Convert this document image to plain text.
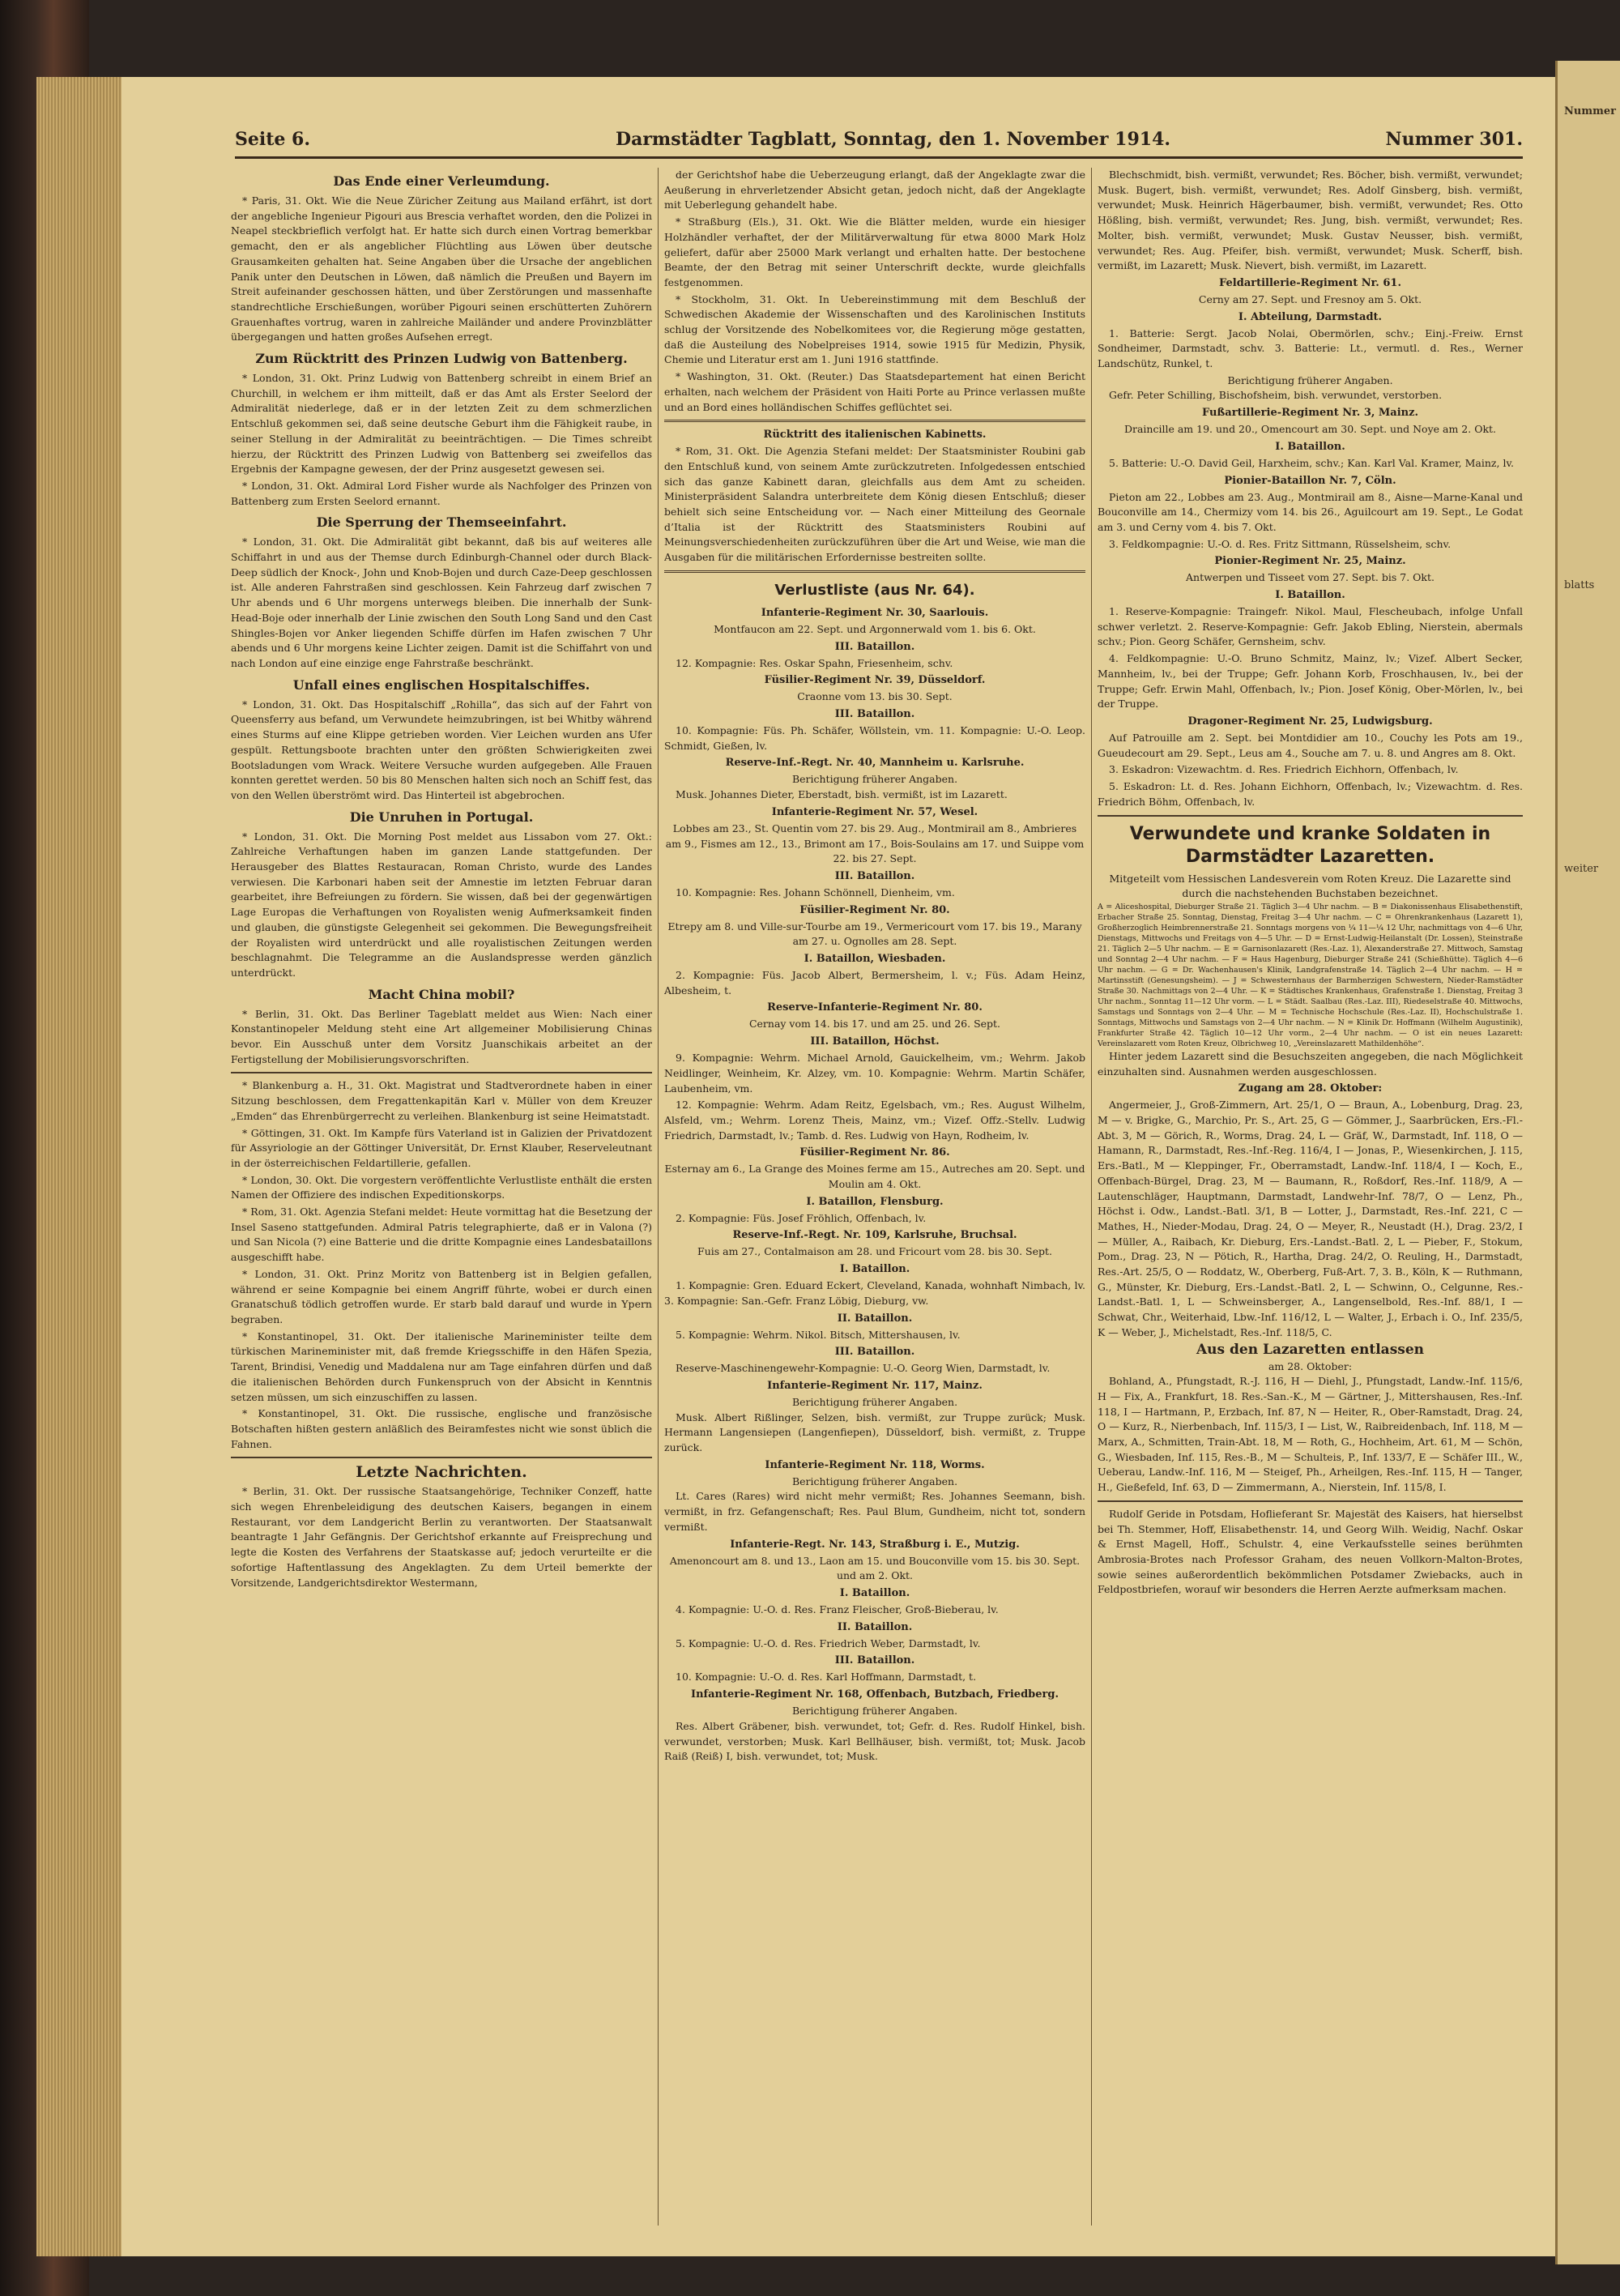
Seite 6.	Darmstädter Tagblatt, Sonntag, den 1. November 1914.	Nummer 301.
Das Ende einer Verleumdung.

* Paris, 31. Okt. Wie die Neue Züricher Zeitung aus Mailand erfährt, ist dort der angebliche Ingenieur Pigouri aus Brescia verhaftet worden, den die Polizei in Neapel steckbrieflich verfolgt hat. Er hatte sich durch einen Vortrag bemerkbar gemacht, den er als angeblicher Flüchtling aus Löwen über deutsche Grausamkeiten gehalten hat. Seine Angaben über die Ursache der angeblichen Panik unter den Deutschen in Löwen, daß nämlich die Preußen und Bayern im Streit aufeinander geschossen hätten, und über Zerstörungen und massenhafte standrechtliche Erschießungen, worüber Pigouri seinen erschütterten Zuhörern Grauenhaftes vortrug, waren in zahlreiche Mailänder und andere Provinzblätter übergegangen und hatten großes Aufsehen erregt.

Zum Rücktritt des Prinzen Ludwig von Battenberg.

* London, 31. Okt. Prinz Ludwig von Battenberg schreibt in einem Brief an Churchill, in welchem er ihm mitteilt, daß er das Amt als Erster Seelord der Admiralität niederlege, daß er in der letzten Zeit zu dem schmerzlichen Entschluß gekommen sei, daß seine deutsche Geburt ihm die Fähigkeit raube, in seiner Stellung in der Admiralität zu beeinträchtigen. — Die Times schreibt hierzu, der Rücktritt des Prinzen Ludwig von Battenberg sei zweifellos das Ergebnis der Kampagne gewesen, der der Prinz ausgesetzt gewesen sei.

* London, 31. Okt. Admiral Lord Fisher wurde als Nachfolger des Prinzen von Battenberg zum Ersten Seelord ernannt.

Die Sperrung der Themseeinfahrt.

* London, 31. Okt. Die Admiralität gibt bekannt, daß bis auf weiteres alle Schiffahrt in und aus der Themse durch Edinburgh-Channel oder durch Black-Deep südlich der Knock-, John und Knob-Bojen und durch Caze-Deep geschlossen ist. Alle anderen Fahrstraßen sind geschlossen. Kein Fahrzeug darf zwischen 7 Uhr abends und 6 Uhr morgens unterwegs bleiben. Die innerhalb der Sunk-Head-Boje oder innerhalb der Linie zwischen den South Long Sand und den Cast Shingles-Bojen vor Anker liegenden Schiffe dürfen im Hafen zwischen 7 Uhr abends und 6 Uhr morgens keine Lichter zeigen. Damit ist die Schiffahrt von und nach London auf eine einzige enge Fahrstraße beschränkt.

Unfall eines englischen Hospitalschiffes.

* London, 31. Okt. Das Hospitalschiff „Rohilla“, das sich auf der Fahrt von Queensferry aus befand, um Verwundete heimzubringen, ist bei Whitby während eines Sturms auf eine Klippe getrieben worden. Vier Leichen wurden ans Ufer gespült. Rettungsboote brachten unter den größten Schwierigkeiten zwei Bootsladungen vom Wrack. Weitere Versuche wurden aufgegeben. Alle Frauen konnten gerettet werden. 50 bis 80 Menschen halten sich noch an Schiff fest, das von den Wellen überströmt wird. Das Hinterteil ist abgebrochen.

Die Unruhen in Portugal.

* London, 31. Okt. Die Morning Post meldet aus Lissabon vom 27. Okt.: Zahlreiche Verhaftungen haben im ganzen Lande stattgefunden. Der Herausgeber des Blattes Restauracan, Roman Christo, wurde des Landes verwiesen. Die Karbonari haben seit der Amnestie im letzten Februar daran gearbeitet, ihre Befreiungen zu fördern. Sie wissen, daß bei der gegenwärtigen Lage Europas die Verhaftungen von Royalisten wenig Aufmerksamkeit finden und glauben, die günstigste Gelegenheit sei gekommen. Die Bewegungsfreiheit der Royalisten wird unterdrückt und alle royalistischen Zeitungen werden beschlagnahmt. Die Telegramme an die Auslandspresse werden gänzlich unterdrückt.

Macht China mobil?

* Berlin, 31. Okt. Das Berliner Tageblatt meldet aus Wien: Nach einer Konstantinopeler Meldung steht eine Art allgemeiner Mobilisierung Chinas bevor. Ein Ausschuß unter dem Vorsitz Juanschikais arbeitet an der Fertigstellung der Mobilisierungsvorschriften.

* Blankenburg a. H., 31. Okt. Magistrat und Stadtverordnete haben in einer Sitzung beschlossen, dem Fregattenkapitän Karl v. Müller von dem Kreuzer „Emden“ das Ehrenbürgerrecht zu verleihen. Blankenburg ist seine Heimatstadt.

* Göttingen, 31. Okt. Im Kampfe fürs Vaterland ist in Galizien der Privatdozent für Assyriologie an der Göttinger Universität, Dr. Ernst Klauber, Reserveleutnant in der österreichischen Feldartillerie, gefallen.

* London, 30. Okt. Die vorgestern veröffentlichte Verlustliste enthält die ersten Namen der Offiziere des indischen Expeditionskorps.

* Rom, 31. Okt. Agenzia Stefani meldet: Heute vormittag hat die Besetzung der Insel Saseno stattgefunden. Admiral Patris telegraphierte, daß er in Valona (?) und San Nicola (?) eine Batterie und die dritte Kompagnie eines Landesbataillons ausgeschifft habe.

* London, 31. Okt. Prinz Moritz von Battenberg ist in Belgien gefallen, während er seine Kompagnie bei einem Angriff führte, wobei er durch einen Granatschuß tödlich getroffen wurde. Er starb bald darauf und wurde in Ypern begraben.

* Konstantinopel, 31. Okt. Der italienische Marineminister teilte dem türkischen Marineminister mit, daß fremde Kriegsschiffe in den Häfen Spezia, Tarent, Brindisi, Venedig und Maddalena nur am Tage einfahren dürfen und daß die italienischen Behörden durch Funkenspruch von der Absicht in Kenntnis setzen müssen, um sich einzuschiffen zu lassen.

* Konstantinopel, 31. Okt. Die russische, englische und französische Botschaften hißten gestern anläßlich des Beiramfestes nicht wie sonst üblich die Fahnen.

Letzte Nachrichten.

* Berlin, 31. Okt. Der russische Staatsangehörige, Techniker Conzeff, hatte sich wegen Ehrenbeleidigung des deutschen Kaisers, begangen in einem Restaurant, vor dem Landgericht Berlin zu verantworten. Der Staatsanwalt beantragte 1 Jahr Gefängnis. Der Gerichtshof erkannte auf Freisprechung und legte die Kosten des Verfahrens der Staatskasse auf; jedoch verurteilte er die sofortige Haftentlassung des Angeklagten. Zu dem Urteil bemerkte der Vorsitzende, Landgerichtsdirektor Westermann,

der Gerichtshof habe die Ueberzeugung erlangt, daß der Angeklagte zwar die Aeußerung in ehrverletzender Absicht getan, jedoch nicht, daß der Angeklagte mit Ueberlegung gehandelt habe.

* Straßburg (Els.), 31. Okt. Wie die Blätter melden, wurde ein hiesiger Holzhändler verhaftet, der der Militärverwaltung für etwa 8000 Mark Holz geliefert, dafür aber 25000 Mark verlangt und erhalten hatte. Der bestochene Beamte, der den Betrag mit seiner Unterschrift deckte, wurde gleichfalls festgenommen.

* Stockholm, 31. Okt. In Uebereinstimmung mit dem Beschluß der Schwedischen Akademie der Wissenschaften und des Karolinischen Instituts schlug der Vorsitzende des Nobelkomitees vor, die Regierung möge gestatten, daß die Austeilung des Nobelpreises 1914, sowie 1915 für Medizin, Physik, Chemie und Literatur erst am 1. Juni 1916 stattfinde.

* Washington, 31. Okt. (Reuter.) Das Staatsdepartement hat einen Bericht erhalten, nach welchem der Präsident von Haiti Porte au Prince verlassen mußte und an Bord eines holländischen Schiffes geflüchtet sei.

Rücktritt des italienischen Kabinetts.

* Rom, 31. Okt. Die Agenzia Stefani meldet: Der Staatsminister Roubini gab den Entschluß kund, von seinem Amte zurückzutreten. Infolgedessen entschied sich das ganze Kabinett daran, gleichfalls aus dem Amt zu scheiden. Ministerpräsident Salandra unterbreitete dem König diesen Entschluß; dieser behielt sich seine Entscheidung vor. — Nach einer Mitteilung des Geornale d’Italia ist der Rücktritt des Staatsministers Roubini auf Meinungsverschiedenheiten zurückzuführen über die Art und Weise, wie man die Ausgaben für die militärischen Erfordernisse bestreiten sollte.

Verlustliste (aus Nr. 64).
Infanterie-Regiment Nr. 30, Saarlouis.
Montfaucon am 22. Sept. und Argonnerwald vom 1. bis 6. Okt.
III. Bataillon.

12. Kompagnie: Res. Oskar Spahn, Friesenheim, schv.

Füsilier-Regiment Nr. 39, Düsseldorf.
Craonne vom 13. bis 30. Sept.
III. Bataillon.

10. Kompagnie: Füs. Ph. Schäfer, Wöllstein, vm. 11. Kompagnie: U.-O. Leop. Schmidt, Gießen, lv.

Reserve-Inf.-Regt. Nr. 40, Mannheim u. Karlsruhe.
Berichtigung früherer Angaben.

Musk. Johannes Dieter, Eberstadt, bish. vermißt, ist im Lazarett.

Infanterie-Regiment Nr. 57, Wesel.
Lobbes am 23., St. Quentin vom 27. bis 29. Aug., Montmirail am 8., Ambrieres am 9., Fismes am 12., 13., Brimont am 17., Bois-Soulains am 17. und Suippe vom 22. bis 27. Sept.
III. Bataillon.

10. Kompagnie: Res. Johann Schönnell, Dienheim, vm.

Füsilier-Regiment Nr. 80.
Etrepy am 8. und Ville-sur-Tourbe am 19., Vermericourt vom 17. bis 19., Marany am 27. u. Ognolles am 28. Sept.
I. Bataillon, Wiesbaden.

2. Kompagnie: Füs. Jacob Albert, Bermersheim, l. v.; Füs. Adam Heinz, Albesheim, t.

Reserve-Infanterie-Regiment Nr. 80.
Cernay vom 14. bis 17. und am 25. und 26. Sept.
III. Bataillon, Höchst.

9. Kompagnie: Wehrm. Michael Arnold, Gauickelheim, vm.; Wehrm. Jakob Neidlinger, Weinheim, Kr. Alzey, vm. 10. Kompagnie: Wehrm. Martin Schäfer, Laubenheim, vm.

12. Kompagnie: Wehrm. Adam Reitz, Egelsbach, vm.; Res. August Wilhelm, Alsfeld, vm.; Wehrm. Lorenz Theis, Mainz, vm.; Vizef. Offz.-Stellv. Ludwig Friedrich, Darmstadt, lv.; Tamb. d. Res. Ludwig von Hayn, Rodheim, lv.

Füsilier-Regiment Nr. 86.
Esternay am 6., La Grange des Moines ferme am 15., Autreches am 20. Sept. und Moulin am 4. Okt.
I. Bataillon, Flensburg.

2. Kompagnie: Füs. Josef Fröhlich, Offenbach, lv.

Reserve-Inf.-Regt. Nr. 109, Karlsruhe, Bruchsal.
Fuis am 27., Contalmaison am 28. und Fricourt vom 28. bis 30. Sept.
I. Bataillon.

1. Kompagnie: Gren. Eduard Eckert, Cleveland, Kanada, wohnhaft Nimbach, lv. 3. Kompagnie: San.-Gefr. Franz Löbig, Dieburg, vw.

II. Bataillon.

5. Kompagnie: Wehrm. Nikol. Bitsch, Mittershausen, lv.

III. Bataillon.

Reserve-Maschinengewehr-Kompagnie: U.-O. Georg Wien, Darmstadt, lv.

Infanterie-Regiment Nr. 117, Mainz.
Berichtigung früherer Angaben.

Musk. Albert Rißlinger, Selzen, bish. vermißt, zur Truppe zurück; Musk. Hermann Langensiepen (Langenfiepen), Düsseldorf, bish. vermißt, z. Truppe zurück.

Infanterie-Regiment Nr. 118, Worms.
Berichtigung früherer Angaben.

Lt. Cares (Rares) wird nicht mehr vermißt; Res. Johannes Seemann, bish. vermißt, in frz. Gefangenschaft; Res. Paul Blum, Gundheim, nicht tot, sondern vermißt.

Infanterie-Regt. Nr. 143, Straßburg i. E., Mutzig.
Amenoncourt am 8. und 13., Laon am 15. und Bouconville vom 15. bis 30. Sept. und am 2. Okt.
I. Bataillon.

4. Kompagnie: U.-O. d. Res. Franz Fleischer, Groß-Bieberau, lv.

II. Bataillon.

5. Kompagnie: U.-O. d. Res. Friedrich Weber, Darmstadt, lv.

III. Bataillon.

10. Kompagnie: U.-O. d. Res. Karl Hoffmann, Darmstadt, t.

Infanterie-Regiment Nr. 168, Offenbach, Butzbach, Friedberg.
Berichtigung früherer Angaben.

Res. Albert Gräbener, bish. verwundet, tot; Gefr. d. Res. Rudolf Hinkel, bish. verwundet, verstorben; Musk. Karl Bellhäuser, bish. vermißt, tot; Musk. Jacob Raiß (Reiß) I, bish. verwundet, tot; Musk.

Blechschmidt, bish. vermißt, verwundet; Res. Böcher, bish. vermißt, verwundet; Musk. Bugert, bish. vermißt, verwundet; Res. Adolf Ginsberg, bish. vermißt, verwundet; Musk. Heinrich Hägerbaumer, bish. vermißt, verwundet; Res. Otto Hößling, bish. vermißt, verwundet; Res. Jung, bish. vermißt, verwundet; Res. Molter, bish. vermißt, verwundet; Musk. Gustav Neusser, bish. vermißt, verwundet; Res. Aug. Pfeifer, bish. vermißt, verwundet; Musk. Scherff, bish. vermißt, im Lazarett; Musk. Nievert, bish. vermißt, im Lazarett.

Feldartillerie-Regiment Nr. 61.
Cerny am 27. Sept. und Fresnoy am 5. Okt.
I. Abteilung, Darmstadt.

1. Batterie: Sergt. Jacob Nolai, Obermörlen, schv.; Einj.-Freiw. Ernst Sondheimer, Darmstadt, schv. 3. Batterie: Lt., vermutl. d. Res., Werner Landschütz, Runkel, t.

Berichtigung früherer Angaben.

Gefr. Peter Schilling, Bischofsheim, bish. verwundet, verstorben.

Fußartillerie-Regiment Nr. 3, Mainz.
Draincille am 19. und 20., Omencourt am 30. Sept. und Noye am 2. Okt.
I. Bataillon.

5. Batterie: U.-O. David Geil, Harxheim, schv.; Kan. Karl Val. Kramer, Mainz, lv.

Pionier-Bataillon Nr. 7, Cöln.

Pieton am 22., Lobbes am 23. Aug., Montmirail am 8., Aisne—Marne-Kanal und Bouconville am 14., Chermizy vom 14. bis 26., Aguilcourt am 19. Sept., Le Godat am 3. und Cerny vom 4. bis 7. Okt.

3. Feldkompagnie: U.-O. d. Res. Fritz Sittmann, Rüsselsheim, schv.

Pionier-Regiment Nr. 25, Mainz.
Antwerpen und Tisseet vom 27. Sept. bis 7. Okt.
I. Bataillon.

1. Reserve-Kompagnie: Traingefr. Nikol. Maul, Flescheubach, infolge Unfall schwer verletzt. 2. Reserve-Kompagnie: Gefr. Jakob Ebling, Nierstein, abermals schv.; Pion. Georg Schäfer, Gernsheim, schv.

4. Feldkompagnie: U.-O. Bruno Schmitz, Mainz, lv.; Vizef. Albert Secker, Mannheim, lv., bei der Truppe; Gefr. Johann Korb, Froschhausen, lv., bei der Truppe; Gefr. Erwin Mahl, Offenbach, lv.; Pion. Josef König, Ober-Mörlen, lv., bei der Truppe.

Dragoner-Regiment Nr. 25, Ludwigsburg.

Auf Patrouille am 2. Sept. bei Montdidier am 10., Couchy les Pots am 19., Gueudecourt am 29. Sept., Leus am 4., Souche am 7. u. 8. und Angres am 8. Okt.

3. Eskadron: Vizewachtm. d. Res. Friedrich Eichhorn, Offenbach, lv.

5. Eskadron: Lt. d. Res. Johann Eichhorn, Offenbach, lv.; Vizewachtm. d. Res. Friedrich Böhm, Offenbach, lv.

Verwundete und kranke Soldaten in Darmstädter Lazaretten.
Mitgeteilt vom Hessischen Landesverein vom Roten Kreuz. Die Lazarette sind durch die nachstehenden Buchstaben bezeichnet.
A = Aliceshospital, Dieburger Straße 21. Täglich 3—4 Uhr nachm. — B = Diakonissenhaus Elisabethenstift, Erbacher Straße 25. Sonntag, Dienstag, Freitag 3—4 Uhr nachm. — C = Ohrenkrankenhaus (Lazarett 1), Großherzoglich Heimbrennerstraße 21. Sonntags morgens von ¼ 11—¼ 12 Uhr, nachmittags von 4—6 Uhr, Dienstags, Mittwochs und Freitags von 4—5 Uhr. — D = Ernst-Ludwig-Heilanstalt (Dr. Lossen), Steinstraße 21. Täglich 2—5 Uhr nachm. — E = Garnisonlazarett (Res.-Laz. 1), Alexanderstraße 27. Mittwoch, Samstag und Sonntag 2—4 Uhr nachm. — F = Haus Hagenburg, Dieburger Straße 241 (Schießhütte). Täglich 4—6 Uhr nachm. — G = Dr. Wachenhausen's Klinik, Landgrafenstraße 14. Täglich 2—4 Uhr nachm. — H = Martinsstift (Genesungsheim). — J = Schwesternhaus der Barmherzigen Schwestern, Nieder-Ramstädter Straße 30. Nachmittags von 2—4 Uhr. — K = Städtisches Krankenhaus, Grafenstraße 1. Dienstag, Freitag 3 Uhr nachm., Sonntag 11—12 Uhr vorm. — L = Städt. Saalbau (Res.-Laz. III), Riedeselstraße 40. Mittwochs, Samstags und Sonntags von 2—4 Uhr. — M = Technische Hochschule (Res.-Laz. II), Hochschulstraße 1. Sonntags, Mittwochs und Samstags von 2—4 Uhr nachm. — N = Klinik Dr. Hoffmann (Wilhelm Augustinik), Frankfurter Straße 42. Täglich 10—12 Uhr vorm., 2—4 Uhr nachm. — O ist ein neues Lazarett: Vereinslazarett vom Roten Kreuz, Olbrichweg 10, „Vereinslazarett Mathildenhöhe“.

Hinter jedem Lazarett sind die Besuchszeiten angegeben, die nach Möglichkeit einzuhalten sind. Ausnahmen werden ausgeschlossen.

Zugang am 28. Oktober:

Angermeier, J., Groß-Zimmern, Art. 25/1, O — Braun, A., Lobenburg, Drag. 23, M — v. Brigke, G., Marchio, Pr. S., Art. 25, G — Gömmer, J., Saarbrücken, Ers.-Fl.-Abt. 3, M — Görich, R., Worms, Drag. 24, L — Gräf, W., Darmstadt, Inf. 118, O — Hamann, R., Darmstadt, Res.-Inf.-Reg. 116/4, I — Jonas, P., Wiesenkirchen, J. 115, Ers.-Batl., M — Kleppinger, Fr., Oberramstadt, Landw.-Inf. 118/4, I — Koch, E., Offenbach-Bürgel, Drag. 23, M — Baumann, R., Roßdorf, Res.-Inf. 118/9, A — Lautenschläger, Hauptmann, Darmstadt, Landwehr-Inf. 78/7, O — Lenz, Ph., Höchst i. Odw., Landst.-Batl. 3/1, B — Lotter, J., Darmstadt, Res.-Inf. 221, C — Mathes, H., Nieder-Modau, Drag. 24, O — Meyer, R., Neustadt (H.), Drag. 23/2, I — Müller, A., Raibach, Kr. Dieburg, Ers.-Landst.-Batl. 2, L — Pieber, F., Stokum, Pom., Drag. 23, N — Pötich, R., Hartha, Drag. 24/2, O. Reuling, H., Darmstadt, Res.-Art. 25/5, O — Roddatz, W., Oberberg, Fuß-Art. 7, 3. B., Köln, K — Ruthmann, G., Münster, Kr. Dieburg, Ers.-Landst.-Batl. 2, L — Schwinn, O., Celgunne, Res.-Landst.-Batl. 1, L — Schweinsberger, A., Langenselbold, Res.-Inf. 88/1, I — Schwat, Chr., Weiterhaid, Lbw.-Inf. 116/12, L — Walter, J., Erbach i. O., Inf. 235/5, K — Weber, J., Michelstadt, Res.-Inf. 118/5, C.

Aus den Lazaretten entlassen
am 28. Oktober:

Bohland, A., Pfungstadt, R.-J. 116, H — Diehl, J., Pfungstadt, Landw.-Inf. 115/6, H — Fix, A., Frankfurt, 18. Res.-San.-K., M — Gärtner, J., Mittershausen, Res.-Inf. 118, I — Hartmann, P., Erzbach, Inf. 87, N — Heiter, R., Ober-Ramstadt, Drag. 24, O — Kurz, R., Nierbenbach, Inf. 115/3, I — List, W., Raibreidenbach, Inf. 118, M — Marx, A., Schmitten, Train-Abt. 18, M — Roth, G., Hochheim, Art. 61, M — Schön, G., Wiesbaden, Inf. 115, Res.-B., M — Schulteis, P., Inf. 133/7, E — Schäfer III., W., Ueberau, Landw.-Inf. 116, M — Steigef, Ph., Arheilgen, Res.-Inf. 115, H — Tanger, H., Gießefeld, Inf. 63, D — Zimmermann, A., Nierstein, Inf. 115/8, I.

Rudolf Geride in Potsdam, Hoflieferant Sr. Majestät des Kaisers, hat hierselbst bei Th. Stemmer, Hoff, Elisabethenstr. 14, und Georg Wilh. Weidig, Nachf. Oskar & Ernst Magell, Hoff., Schulstr. 4, eine Verkaufsstelle seines berühmten Ambrosia-Brotes nach Professor Graham, des neuen Vollkorn-Malton-Brotes, sowie seines außerordentlich bekömmlichen Potsdamer Zwiebacks, auch in Feldpostbriefen, worauf wir besonders die Herren Aerzte aufmerksam machen.

Nummer
blatts
weiter
